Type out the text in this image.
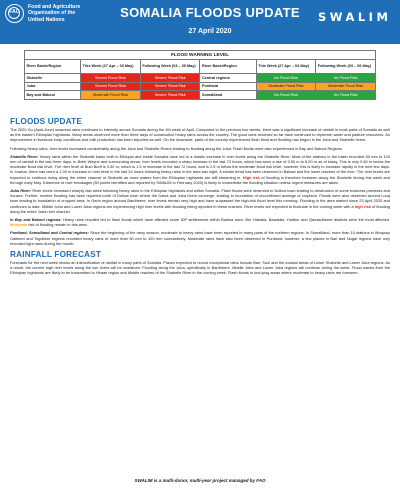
FAO
Food and Agriculture
Organization of the
United Nations	SOMALIA FLOODS UPDATE
27 April 2020
SWALIM
FLOOD WARNING LEVEL					
River Basin/Region	This Week (27 Apr – 03 May)	Following Week (03 – 09 May)	River Basin/Region	This Week (27 Apr – 03 May)	Following Week (03 – 09 May)
Shabelle	Severe Flood Risk	Severe Flood Risk	Central regions	No Flood Risk	No Flood Risk
Juba	Severe Flood Risk	Severe Flood Risk	Puntland	Moderate Flood Risk	Moderate Flood Risk
Bay and Bakool	Moderate Flood Risk	Severe Flood Risk	Somaliland	No Flood Risk	No Flood Risk
FLOODS UPDATE

The 2020 Gu (April-June) seasonal rains continued to intensify across Somalia during the 4th week of April. Compared to the previous two weeks, there was a significant increase of rainfall in most parts of Somalia as well as the eastern Ethiopian highlands. Many areas observed more than three days of consecutive heavy rains across the country. The good rains received so far have continued to replenish water and pasture resources. An improvement in livestock body conditions and milk production has been reported as well. On the downside, parts of the country experienced flash flood and flooding has begun in the Juba and Shabelle rivers.

Following heavy rains, river levels increased considerably along the Juba and Shabelle Rivers leading to flooding along the Juba. Flash floods were also experienced in Bay and Bakool Regions.

Shabelle River: Heavy rains within the Shabelle basin both in Ethiopia and inside Somalia have led to a drastic increase in river levels along the Shabelle River. Most of the stations in the basin recorded 50 mm to 100 mm of rainfall in the last three days. In Belet Weyne and surrounding areas, river levels recorded a sharp increase in the last 72 hours, which has seen a rise of 3.50 m to 6.00 m as of today. This is only 0.50 m below the moderate flood risk level. The river level at Bulo Burti is 3.50 m, which is 1.5 m increase in the last 72 hours, and is 2.5 m below the moderate flood risk level; however, this is likely to increase rapidly in the next few days. In Jowhar, there has been a 1.00 m increase in river level in the last 24 hours following heavy rains in the area last night. A similar trend has been observed in Balcad and the lower reaches of the river. The river levels are expected to continue rising along the entire channel of Shabelle as more waters from the Ethiopian highlands are still streaming in. High risk of flooding is therefore foreseen along the Shabelle during this week and through early May. Existence of river breakages (50 points identified and reported by SWALIM in February 2020) is likely to exacerbate the flooding situation unless urgent measures are taken.

Juba River: River levels increased sharply last week following heavy rains in the Ethiopian highlands and within Somalia. Flash floods were observed in Dollow town leading to destruction of some business premises and houses. Further, riverine flooding has been reported north of Dollow town where the Dawa and Juba rivers converge, leading to inundation of unconfirmed acreage of cropland. Floods were also observed around Luuq town leading to inundation of cropped area. In Gedo region around Bardheere, river levels remain very high and have surpassed the high-risk flood level this morning. Flooding in the area started since 23 April 2020 and continues to date. Middle Juba and Lower Juba regions are experiencing high river levels with flooding being reported in these reaches. River levels are expected to fluctuate in the coming week with a high risk of flooding along the entire Juba river channel.

In Bay and Bakool regions: Heavy rains resulted led to flash floods which have affected some IDP settlements within Baidoa town. Bur Hakaba, Baardale, Hudhur and Qansadheere districts were the most affected. Moderate risk of flooding remain in this area.

Puntland, Somaliland and Central regions: Since the beginning of the rainy season, moderate to heavy rains have been reported in many parts of the northern regions. In Somaliland, more than 10 stations in Woqooyi Galbeed and Togdheer regions recorded heavy rains of more than 50 mm to 100 mm cumulatively. Moderate rains have also been observed in Puntland; however, a few places in Bari and Nugal regions have only recorded light rains during the month.

RAINFALL FORECAST

Forecasts for the next week shows an intensification of rainfall in many parts of Somalia. Places expected to record exceptional rains include Bari, Sool and the coastal areas of Lower Shabelle and Lower Juba regions. As a result, the current high river levels along the two rivers will be sustained. Flooding along the Juba, specifically in Bardheere, Middle Juba and Lower Juba regions will continue during the week. Flood waves from the Ethiopian highlands are likely to be transmitted to Hiraan region and Middle reaches of the Shabelle River in the coming week. Flash floods in low-lying areas where moderate to heavy rains are foreseen.

SWALIM is a multi-donor, multi-year project managed by FAO
